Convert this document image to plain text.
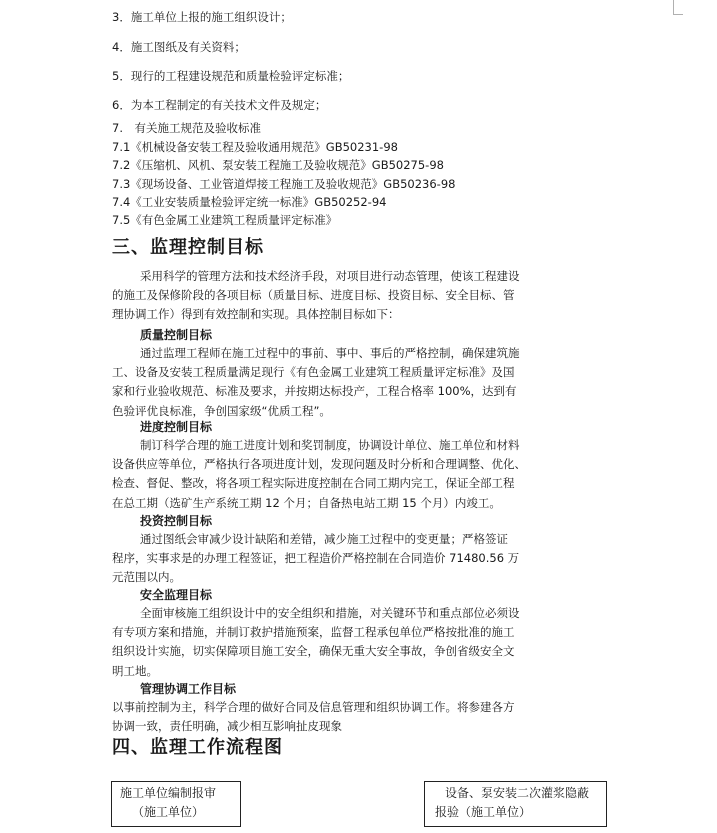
3．施工单位上报的施工组织设计；
4．施工图纸及有关资料；
5．现行的工程建设规范和质量检验评定标准；
6．为本工程制定的有关技术文件及规定；
7.　有关施工规范及验收标准
7.1《机械设备安装工程及验收通用规范》GB50231-98
7.2《压缩机、风机、泵安装工程施工及验收规范》GB50275-98
7.3《现场设备、工业管道焊接工程施工及验收规范》GB50236-98
7.4《工业安装质量检验评定统一标准》GB50252-94
7.5《有色金属工业建筑工程质量评定标准》
三、监理控制目标
采用科学的管理方法和技术经济手段，对项目进行动态管理，使该工程建设
的施工及保修阶段的各项目标（质量目标、进度目标、投资目标、安全目标、管
理协调工作）得到有效控制和实现。具体控制目标如下：
质量控制目标
通过监理工程师在施工过程中的事前、事中、事后的严格控制，确保建筑施
工、设备及安装工程质量满足现行《有色金属工业建筑工程质量评定标准》及国
家和行业验收规范、标准及要求，并按期达标投产，工程合格率 100%，达到有
色验评优良标准，争创国家级“优质工程”。
进度控制目标
制订科学合理的施工进度计划和奖罚制度，协调设计单位、施工单位和材料
设备供应等单位，严格执行各项进度计划，发现问题及时分析和合理调整、优化、
检查、督促、整改，将各项工程实际进度控制在合同工期内完工，保证全部工程
在总工期（选矿生产系统工期 12 个月；自备热电站工期 15 个月）内竣工。
投资控制目标
通过图纸会审减少设计缺陷和差错，减少施工过程中的变更量；严格签证
程序，实事求是的办理工程签证，把工程造价严格控制在合同造价 71480.56 万
元范围以内。
安全监理目标
全面审核施工组织设计中的安全组织和措施，对关键环节和重点部位必须设
有专项方案和措施，并制订救护措施预案，监督工程承包单位严格按批准的施工
组织设计实施，切实保障项目施工安全，确保无重大安全事故，争创省级安全文
明工地。
管理协调工作目标
以事前控制为主，科学合理的做好合同及信息管理和组织协调工作。将参建各方
协调一致，责任明确，减少相互影响扯皮现象
四、监理工作流程图
施工单位编制报审
（施工单位）
设备、泵安装二次灌浆隐蔽
报验（施工单位）
